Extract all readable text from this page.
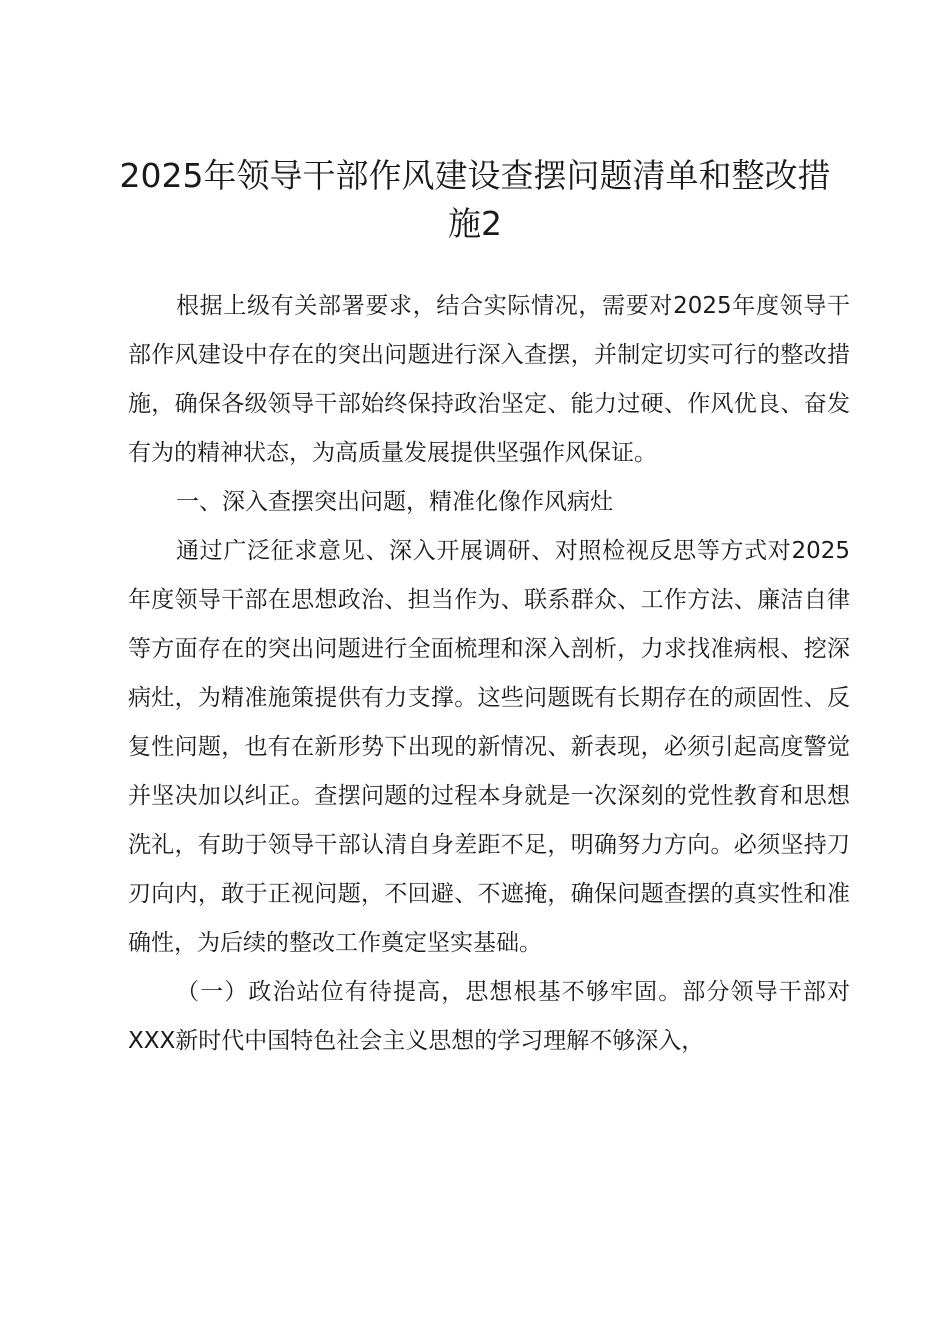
2025年领导干部作风建设查摆问题清单和整改措施2

根据上级有关部署要求，结合实际情况，需要对2025年度领导干部作风建设中存在的突出问题进行深入查摆，并制定切实可行的整改措施，确保各级领导干部始终保持政治坚定、能力过硬、作风优良、奋发有为的精神状态，为高质量发展提供坚强作风保证。

一、深入查摆突出问题，精准化像作风病灶

通过广泛征求意见、深入开展调研、对照检视反思等方式对2025年度领导干部在思想政治、担当作为、联系群众、工作方法、廉洁自律等方面存在的突出问题进行全面梳理和深入剖析，力求找准病根、挖深病灶，为精准施策提供有力支撑。这些问题既有长期存在的顽固性、反复性问题，也有在新形势下出现的新情况、新表现，必须引起高度警觉并坚决加以纠正。查摆问题的过程本身就是一次深刻的党性教育和思想洗礼，有助于领导干部认清自身差距不足，明确努力方向。必须坚持刀刃向内，敢于正视问题，不回避、不遮掩，确保问题查摆的真实性和准确性，为后续的整改工作奠定坚实基础。

（一）政治站位有待提高，思想根基不够牢固。部分领导干部对XXX新时代中国特色社会主义思想的学习理解不够深入，
